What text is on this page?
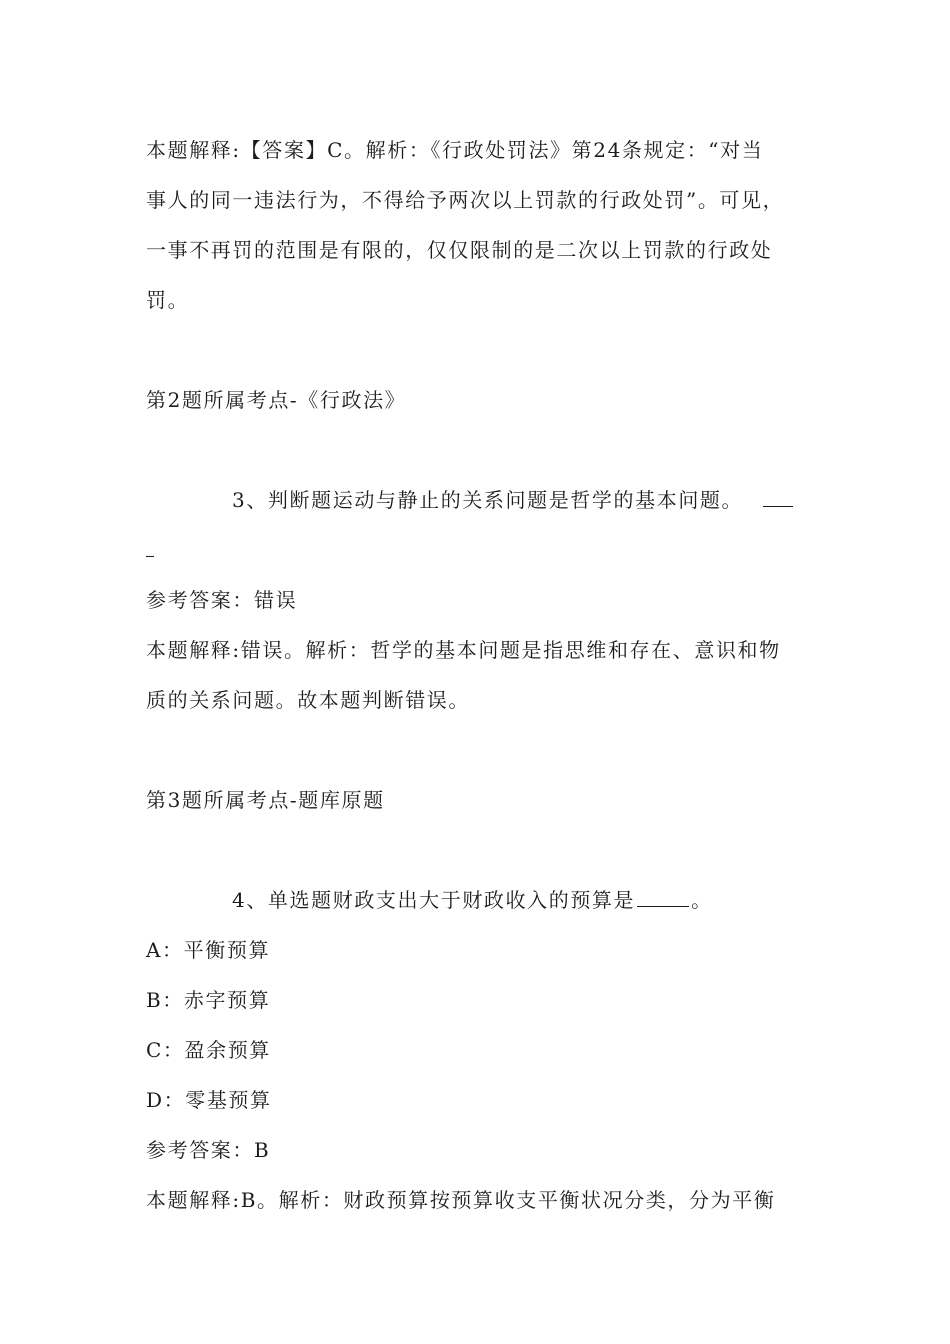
本题解释:【答案】C。解析：《行政处罚法》第24条规定：“对当
事人的同一违法行为，不得给予两次以上罚款的行政处罚”。可见，
一事不再罚的范围是有限的，仅仅限制的是二次以上罚款的行政处
罚。
第2题所属考点-《行政法》
3、判断题运动与静止的关系问题是哲学的基本问题。
参考答案：错误
本题解释:错误。解析：哲学的基本问题是指思维和存在、意识和物
质的关系问题。故本题判断错误。
第3题所属考点-题库原题
4、单选题财政支出大于财政收入的预算是	。
A：平衡预算
B：赤字预算
C：盈余预算
D：零基预算
参考答案：B
本题解释:B。解析：财政预算按预算收支平衡状况分类，分为平衡
